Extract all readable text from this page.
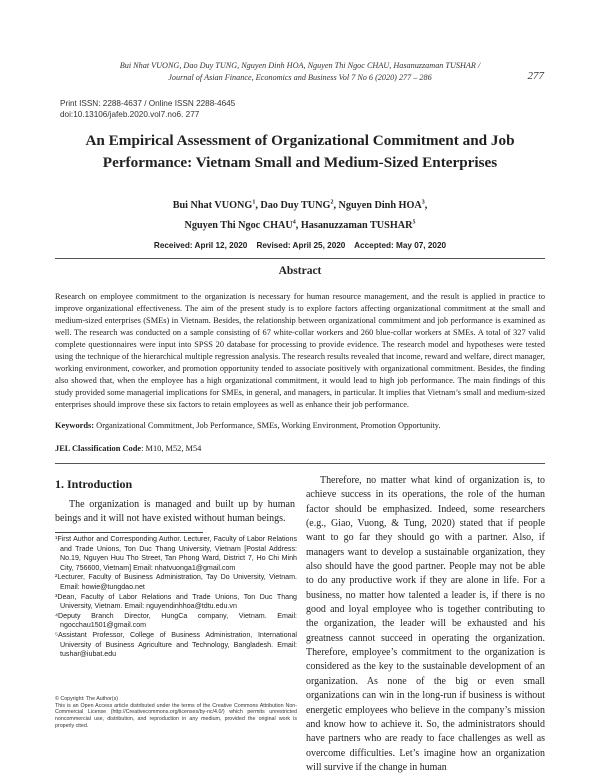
Bui Nhat VUONG, Dao Duy TUNG, Nguyen Dinh HOA, Nguyen Thi Ngoc CHAU, Hasanuzzaman TUSHAR /
Journal of Asian Finance, Economics and Business Vol 7 No 6 (2020) 277 – 286	277
Print ISSN: 2288-4637 / Online ISSN 2288-4645
doi:10.13106/jafeb.2020.vol7.no6. 277
An Empirical Assessment of Organizational Commitment and Job
Performance: Vietnam Small and Medium-Sized Enterprises
Bui Nhat VUONG$^1$, Dao Duy TUNG$^2$, Nguyen Dinh HOA$^3$,
Nguyen Thi Ngoc CHAU$^4$, Hasanuzzaman TUSHAR$^5$
Received: April 12, 2020    Revised: April 25, 2020    Accepted: May 07, 2020
Abstract
Research on employee commitment to the organization is necessary for human resource management, and the result is applied in practice to improve organizational effectiveness. The aim of the present study is to explore factors affecting organizational commitment at the small and medium-sized enterprises (SMEs) in Vietnam. Besides, the relationship between organizational commitment and job performance is examined as well. The research was conducted on a sample consisting of 67 white-collar workers and 260 blue-collar workers at SMEs. A total of 327 valid complete questionnaires were input into SPSS 20 database for processing to provide evidence. The research model and hypotheses were tested using the technique of the hierarchical multiple regression analysis. The research results revealed that income, reward and welfare, direct manager, working environment, coworker, and promotion opportunity tended to associate positively with organizational commitment. Besides, the finding also showed that, when the employee has a high organizational commitment, it would lead to high job performance. The main findings of this study provided some managerial implications for SMEs, in general, and managers, in particular. It implies that Vietnam’s small and medium-sized enterprises should improve these six factors to retain employees as well as enhance their job performance.
Keywords: Organizational Commitment, Job Performance, SMEs, Working Environment, Promotion Opportunity.
JEL Classification Code: M10, M52, M54
1. Introduction
The organization is managed and built up by human beings and it will not have existed without human beings.

¹First Author and Corresponding Author. Lecturer, Faculty of Labor Relations and Trade Unions, Ton Duc Thang University, Vietnam [Postal Address: No.19, Nguyen Huu Tho Street, Tan Phong Ward, District 7, Ho Chi Minh City, 756600, Vietnam] Email: nhatvuongа1@gmail.com

²Lecturer, Faculty of Business Administration, Tay Do University, Vietnam. Email: howie@tungdao.net

³Dean, Faculty of Labor Relations and Trade Unions, Ton Duc Thang University, Vietnam. Email: nguyendinhhoa@tdtu.edu.vn

⁴Deputy Branch Director, HungCa company, Vietnam. Email: ngocchau1501@gmail.com

⁵Assistant Professor, College of Business Administration, International University of Business Agriculture and Technology, Bangladesh. Email: tushar@iubat.edu

© Copyright: The Author(s)

This is an Open Access article distributed under the terms of the Creative Commons Attribution Non-Commercial License (http://Creativecommons.org/licenses/by-nc/4.0/) which permits unrestricted noncommercial use, distribution, and reproduction in any medium, provided the original work is properly cited.

Therefore, no matter what kind of organization is, to achieve success in its operations, the role of the human factor should be emphasized. Indeed, some researchers (e.g., Giao, Vuong, & Tung, 2020) stated that if people want to go far they should go with a partner. Also, if managers want to develop a sustainable organization, they also should have the good partner. People may not be able to do any productive work if they are alone in life. For a business, no matter how talented a leader is, if there is no good and loyal employee who is together contributing to the organization, the leader will be exhausted and his greatness cannot succeed in operating the organization. Therefore, employee’s commitment to the organization is considered as the key to the sustainable development of an organization. As none of the big or even small organizations can win in the long-run if business is without energetic employees who believe in the company’s mission and know how to achieve it. So, the administrators should have partners who are ready to face challenges as well as overcome difficulties. Let’s imagine how an organization will survive if the change in human
